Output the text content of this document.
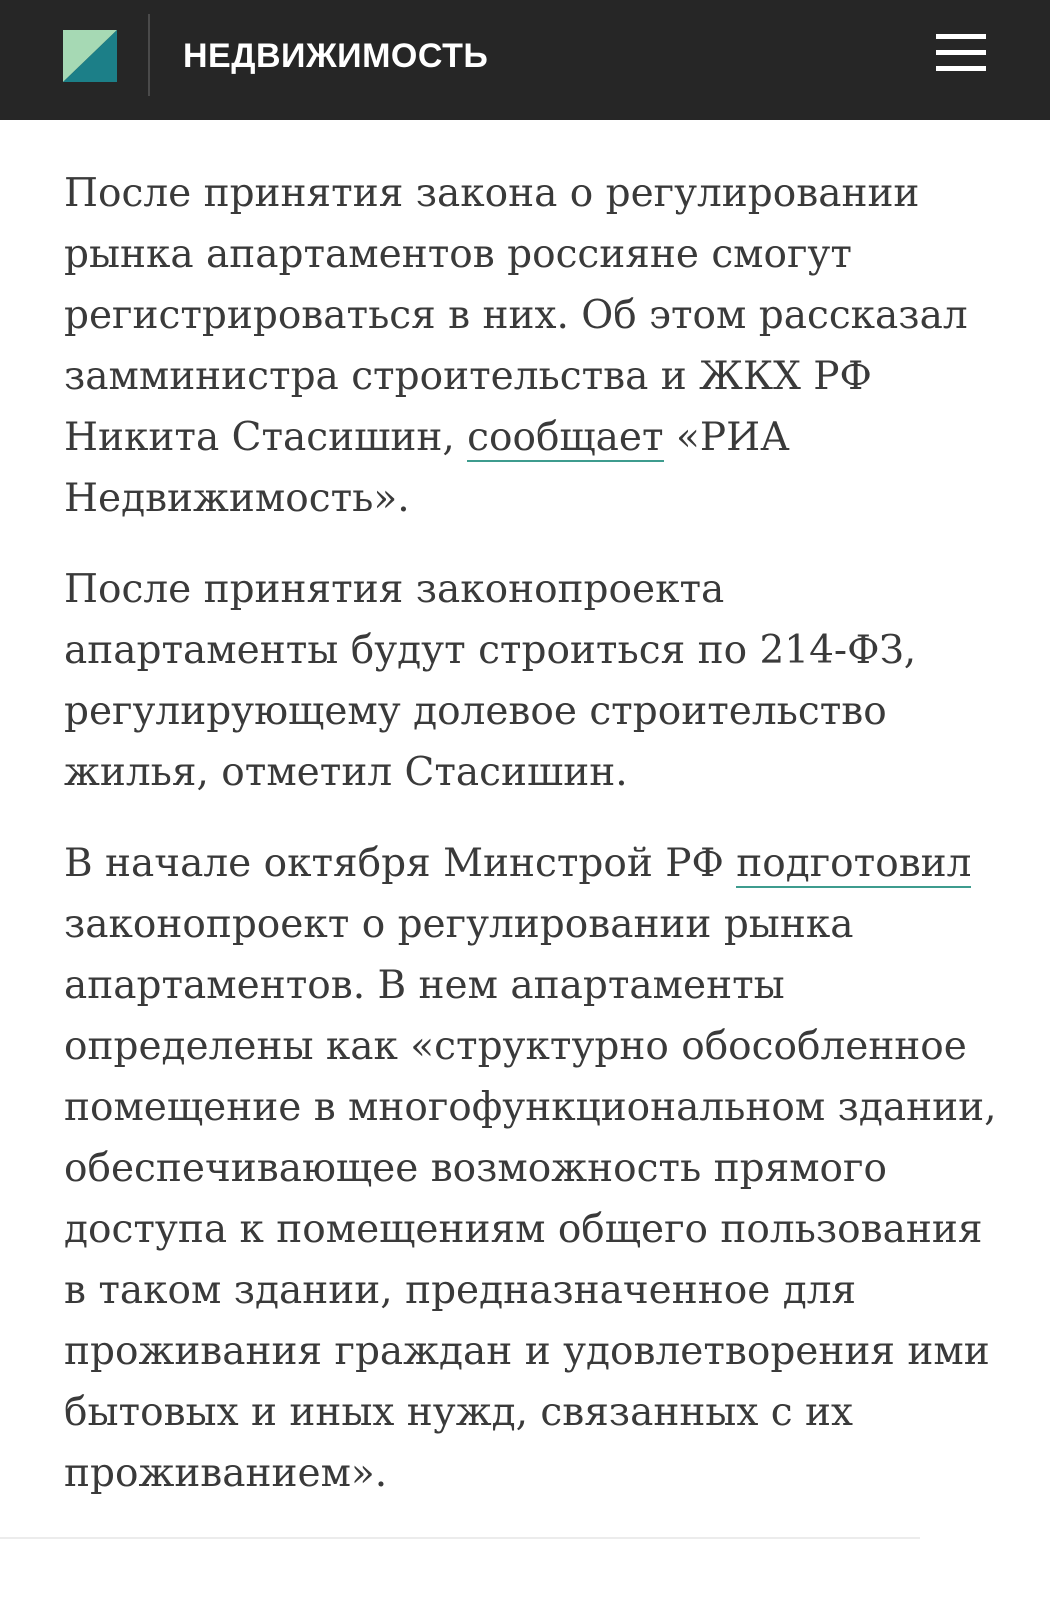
НЕДВИЖИМОСТЬ

После принятия закона о регулировании рынка апартаментов россияне смогут регистрироваться в них. Об этом рассказал замминистра строительства и ЖКХ РФ Никита Стасишин, сообщает «РИА Недвижимость».

После принятия законопроекта апартаменты будут строиться по 214-ФЗ, регулирующему долевое строительство жилья, отметил Стасишин.

В начале октября Минстрой РФ подготовил законопроект о регулировании рынка апартаментов. В нем апартаменты определены как «структурно обособленное помещение в многофункциональном здании, обеспечивающее возможность прямого доступа к помещениям общего пользования в таком здании, предназначенное для проживания граждан и удовлетворения ими бытовых и иных нужд, связанных с их проживанием».
